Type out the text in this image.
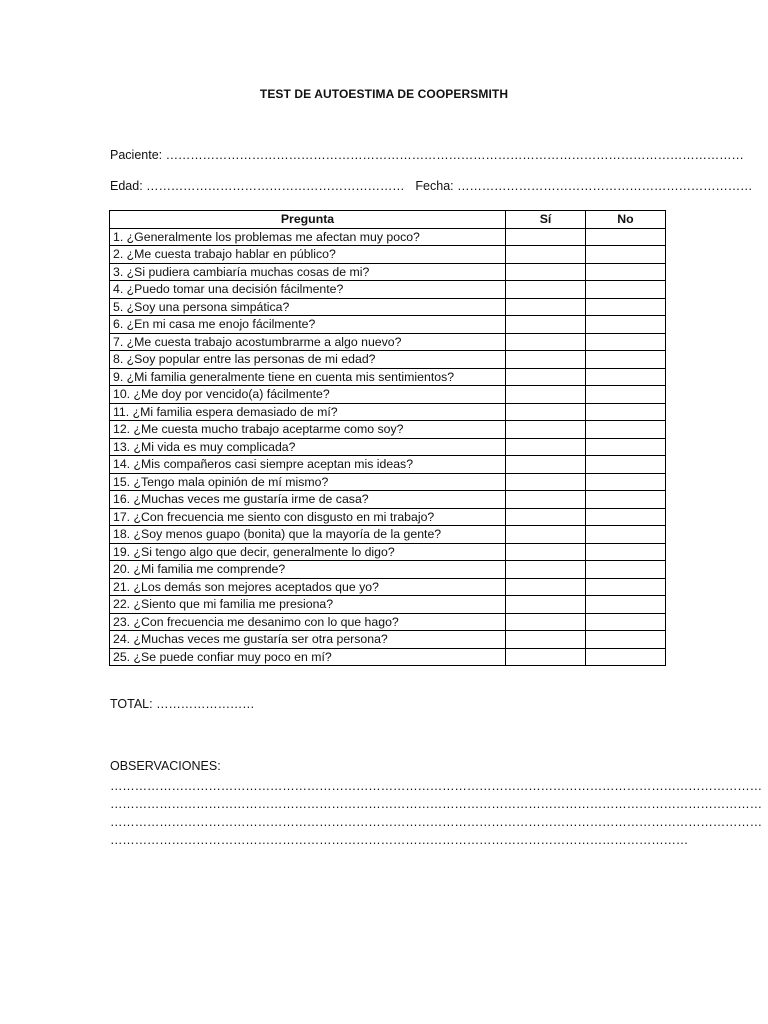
TEST DE AUTOESTIMA DE COOPERSMITH
Paciente: ……………………………………………………………………………………………………………………………
Edad: ……………………………………………………… Fecha: ………………………………………………………………
Pregunta	Sí	No
1. ¿Generalmente los problemas me afectan muy poco?		
2. ¿Me cuesta trabajo hablar en público?		
3. ¿Si pudiera cambiaría muchas cosas de mi?		
4. ¿Puedo tomar una decisión fácilmente?		
5. ¿Soy una persona simpática?		
6. ¿En mi casa me enojo fácilmente?		
7. ¿Me cuesta trabajo acostumbrarme a algo nuevo?		
8. ¿Soy popular entre las personas de mi edad?		
9. ¿Mi familia generalmente tiene en cuenta mis sentimientos?		
10. ¿Me doy por vencido(a) fácilmente?		
11. ¿Mi familia espera demasiado de mí?		
12. ¿Me cuesta mucho trabajo aceptarme como soy?		
13. ¿Mi vida es muy complicada?		
14. ¿Mis compañeros casi siempre aceptan mis ideas?		
15. ¿Tengo mala opinión de mí mismo?		
16. ¿Muchas veces me gustaría irme de casa?		
17. ¿Con frecuencia me siento con disgusto en mi trabajo?		
18. ¿Soy menos guapo (bonita) que la mayoría de la gente?		
19. ¿Si tengo algo que decir, generalmente lo digo?		
20. ¿Mi familia me comprende?		
21. ¿Los demás son mejores aceptados que yo?		
22. ¿Siento que mi familia me presiona?		
23. ¿Con frecuencia me desanimo con lo que hago?		
24. ¿Muchas veces me gustaría ser otra persona?		
25. ¿Se puede confiar muy poco en mí?		
TOTAL: ……………………
OBSERVACIONES:
……………………………………………………………………………………………………………………………………………
……………………………………………………………………………………………………………………………………………
……………………………………………………………………………………………………………………………………………
……………………………………………………………………………………………………………………………
